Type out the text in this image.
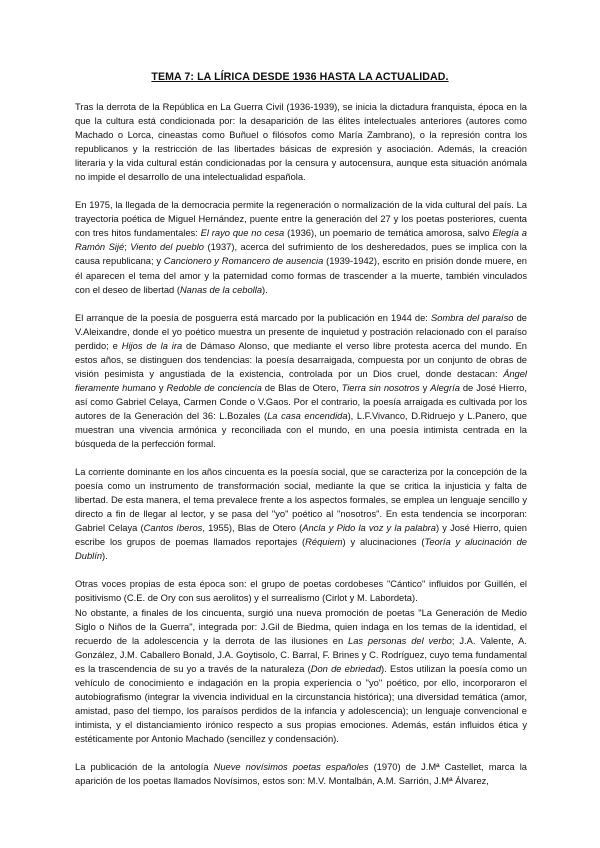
TEMA 7: LA LÍRICA DESDE 1936 HASTA LA ACTUALIDAD.

Tras la derrota de la República en La Guerra Civil (1936-1939), se inicia la dictadura franquista, época en la que la cultura está condicionada por: la desaparición de las élites intelectuales anteriores (autores como Machado o Lorca, cineastas como Buñuel o filósofos como María Zambrano), o la represión contra los republicanos y la restricción de las libertades básicas de expresión y asociación. Además, la creación literaria y la vida cultural están condicionadas por la censura y autocensura, aunque esta situación anómala no impide el desarrollo de una intelectualidad española.

En 1975, la llegada de la democracia permite la regeneración o normalización de la vida cultural del país. La trayectoria poética de Miguel Hernández, puente entre la generación del 27 y los poetas posteriores, cuenta con tres hitos fundamentales: El rayo que no cesa (1936), un poemario de temática amorosa, salvo Elegía a Ramón Sijé; Viento del pueblo (1937), acerca del sufrimiento de los desheredados, pues se implica con la causa republicana; y Cancionero y Romancero de ausencia (1939-1942), escrito en prisión donde muere, en él aparecen el tema del amor y la paternidad como formas de trascender a la muerte, también vinculados con el deseo de libertad (Nanas de la cebolla).

El arranque de la poesía de posguerra está marcado por la publicación en 1944 de: Sombra del paraíso de V.Aleixandre, donde el yo poético muestra un presente de inquietud y postración relacionado con el paraíso perdido; e Hijos de la ira de Dámaso Alonso, que mediante el verso libre protesta acerca del mundo. En estos años, se distinguen dos tendencias: la poesía desarraigada, compuesta por un conjunto de obras de visión pesimista y angustiada de la existencia, controlada por un Dios cruel, donde destacan: Ángel fieramente humano y Redoble de conciencia de Blas de Otero, Tierra sin nosotros y Alegría de José Hierro, así como Gabriel Celaya, Carmen Conde o V.Gaos. Por el contrario, la poesía arraigada es cultivada por los autores de la Generación del 36: L.Bozales (La casa encendida), L.F.Vivanco, D.Ridruejo y L.Panero, que muestran una vivencia armónica y reconciliada con el mundo, en una poesía intimista centrada en la búsqueda de la perfección formal.

La corriente dominante en los años cincuenta es la poesía social, que se caracteriza por la concepción de la poesía como un instrumento de transformación social, mediante la que se critica la injusticia y falta de libertad. De esta manera, el tema prevalece frente a los aspectos formales, se emplea un lenguaje sencillo y directo a fin de llegar al lector, y se pasa del "yo" poético al "nosotros". En esta tendencia se incorporan: Gabriel Celaya (Cantos íberos, 1955), Blas de Otero (Ancla y Pido la voz y la palabra) y José Hierro, quien escribe los grupos de poemas llamados reportajes (Réquiem) y alucinaciones (Teoría y alucinación de Dublín).

Otras voces propias de esta época son: el grupo de poetas cordobeses "Cántico" influidos por Guillén, el positivismo (C.E. de Ory con sus aerolitos) y el surrealismo (Cirlot y M. Labordeta).

No obstante, a finales de los cincuenta, surgió una nueva promoción de poetas "La Generación de Medio Siglo o Niños de la Guerra", integrada por: J.Gil de Biedma, quien indaga en los temas de la identidad, el recuerdo de la adolescencia y la derrota de las ilusiones en Las personas del verbo; J.A. Valente, A. González, J.M. Caballero Bonald, J.A. Goytisolo, C. Barral, F. Brines y C. Rodríguez, cuyo tema fundamental es la trascendencia de su yo a través de la naturaleza (Don de ebriedad). Estos utilizan la poesía como un vehículo de conocimiento e indagación en la propia experiencia o "yo" poético, por ello, incorporaron el autobiografismo (integrar la vivencia individual en la circunstancia histórica); una diversidad temática (amor, amistad, paso del tiempo, los paraísos perdidos de la infancia y adolescencia); un lenguaje convencional e intimista, y el distanciamiento irónico respecto a sus propias emociones. Además, están influidos ética y estéticamente por Antonio Machado (sencillez y condensación).

La publicación de la antología Nueve novísimos poetas españoles (1970) de J.Mª Castellet, marca la aparición de los poetas llamados Novísimos, estos son: M.V. Montalbán, A.M. Sarrión, J.Mª Álvarez,
